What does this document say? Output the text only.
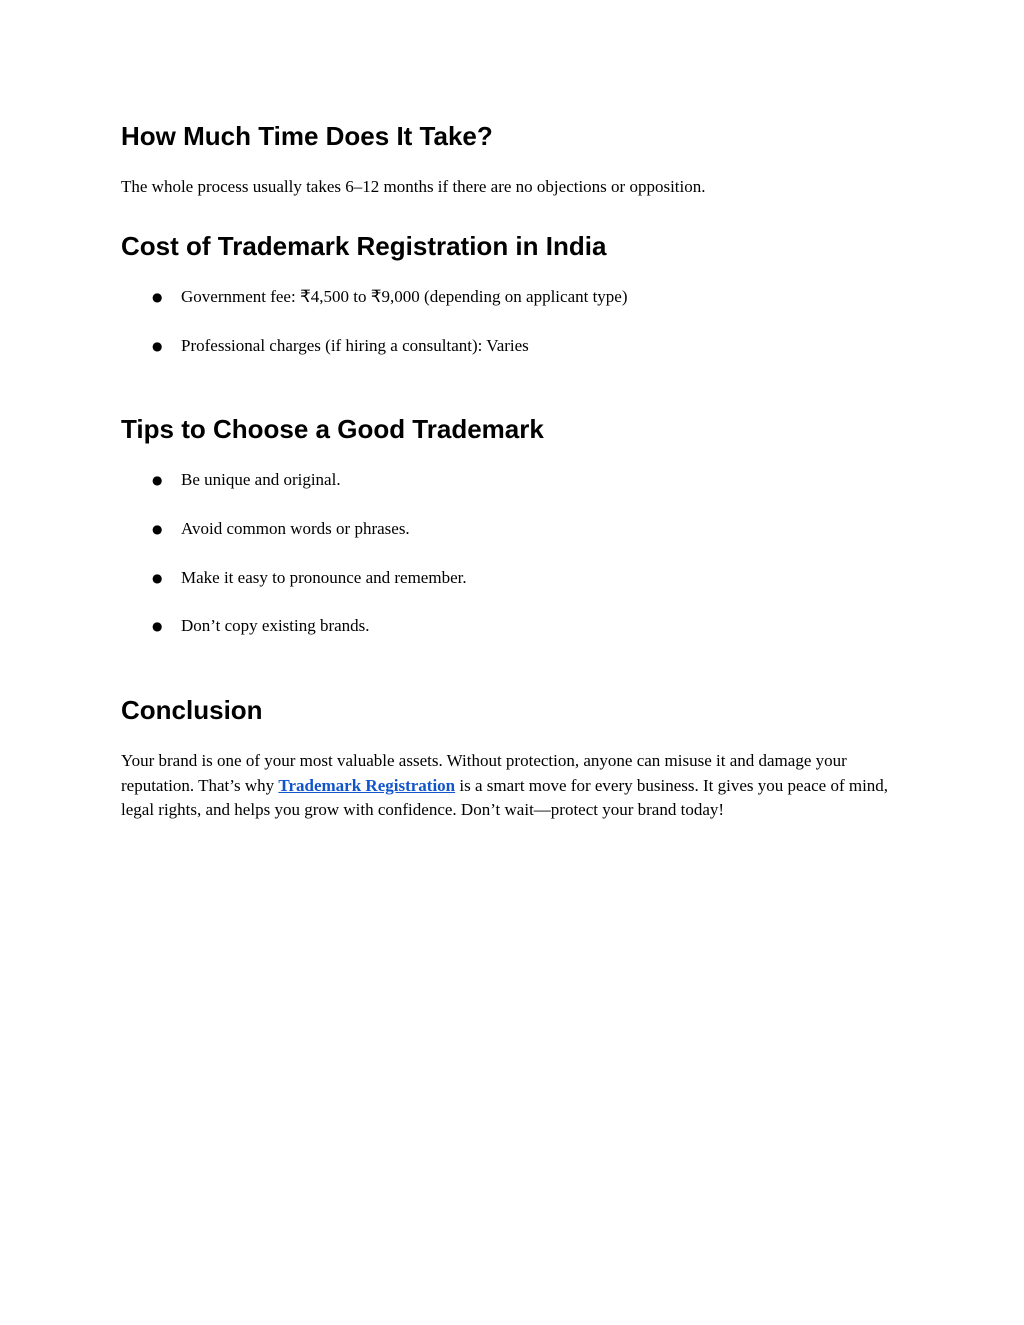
How Much Time Does It Take?

The whole process usually takes 6–12 months if there are no objections or opposition.

Cost of Trademark Registration in India
● Government fee: ₹4,500 to ₹9,000 (depending on applicant type)
● Professional charges (if hiring a consultant): Varies
Tips to Choose a Good Trademark
● Be unique and original.
● Avoid common words or phrases.
● Make it easy to pronounce and remember.
● Don’t copy existing brands.
Conclusion

Your brand is one of your most valuable assets. Without protection, anyone can misuse it and damage your reputation. That’s why Trademark Registration is a smart move for every business. It gives you peace of mind, legal rights, and helps you grow with confidence. Don’t wait—protect your brand today!
